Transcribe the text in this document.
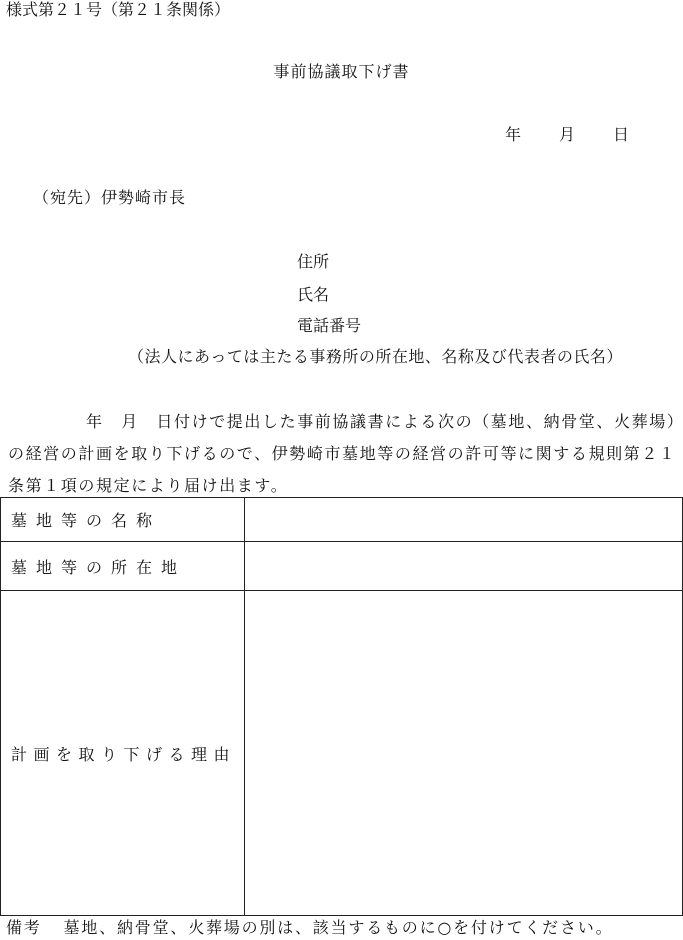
様式第２１号（第２１条関係）
事前協議取下げ書
年 月 日
（宛先）伊勢崎市長
住所
氏名
電話番号
（法人にあっては主たる事務所の所在地、名称及び代表者の氏名）
年　月　日付けで提出した事前協議書による次の（墓地、納骨堂、火葬場）の経営の計画を取り下げるので、伊勢崎市墓地等の経営の許可等に関する規則第２１条第１項の規定により届け出ます。
墓地等の名称	
墓地等の所在地	
計画を取り下げる理由	
備考 墓地、納骨堂、火葬場の別は、該当するものに○を付けてください。
